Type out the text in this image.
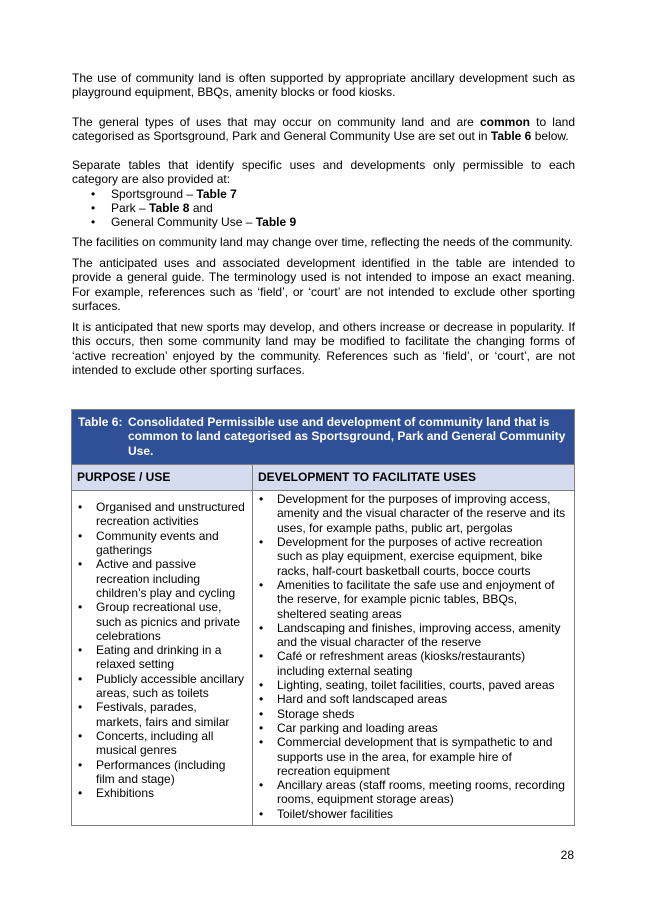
The use of community land is often supported by appropriate ancillary development such as playground equipment, BBQs, amenity blocks or food kiosks.

The general types of uses that may occur on community land and are common to land categorised as Sportsground, Park and General Community Use are set out in Table 6 below.

Separate tables that identify specific uses and developments only permissible to each category are also provided at:

• Sportsground – Table 7
• Park – Table 8 and
• General Community Use – Table 9

The facilities on community land may change over time, reflecting the needs of the community.

The anticipated uses and associated development identified in the table are intended to provide a general guide. The terminology used is not intended to impose an exact meaning. For example, references such as ‘field’, or ‘court’ are not intended to exclude other sporting surfaces.

It is anticipated that new sports may develop, and others increase or decrease in popularity. If this occurs, then some community land may be modified to facilitate the changing forms of ‘active recreation’ enjoyed by the community. References such as ‘field’, or ‘court’, are not intended to exclude other sporting surfaces.

Table 6: Consolidated Permissible use and development of community land that is common to land categorised as Sportsground, Park and General Community Use.
PURPOSE / USE	DEVELOPMENT TO FACILITATE USES
• Organised and unstructured recreation activities
• Community events and gatherings
• Active and passive recreation including children’s play and cycling
• Group recreational use, such as picnics and private celebrations
• Eating and drinking in a relaxed setting
• Publicly accessible ancillary areas, such as toilets
• Festivals, parades, markets, fairs and similar
• Concerts, including all musical genres
• Performances (including film and stage)
• Exhibitions
• Development for the purposes of improving access, amenity and the visual character of the reserve and its uses, for example paths, public art, pergolas
• Development for the purposes of active recreation such as play equipment, exercise equipment, bike racks, half-court basketball courts, bocce courts
• Amenities to facilitate the safe use and enjoyment of the reserve, for example picnic tables, BBQs, sheltered seating areas
• Landscaping and finishes, improving access, amenity and the visual character of the reserve
• Café or refreshment areas (kiosks/restaurants) including external seating
• Lighting, seating, toilet facilities, courts, paved areas
• Hard and soft landscaped areas
• Storage sheds
• Car parking and loading areas
• Commercial development that is sympathetic to and supports use in the area, for example hire of recreation equipment
• Ancillary areas (staff rooms, meeting rooms, recording rooms, equipment storage areas)
• Toilet/shower facilities
28
